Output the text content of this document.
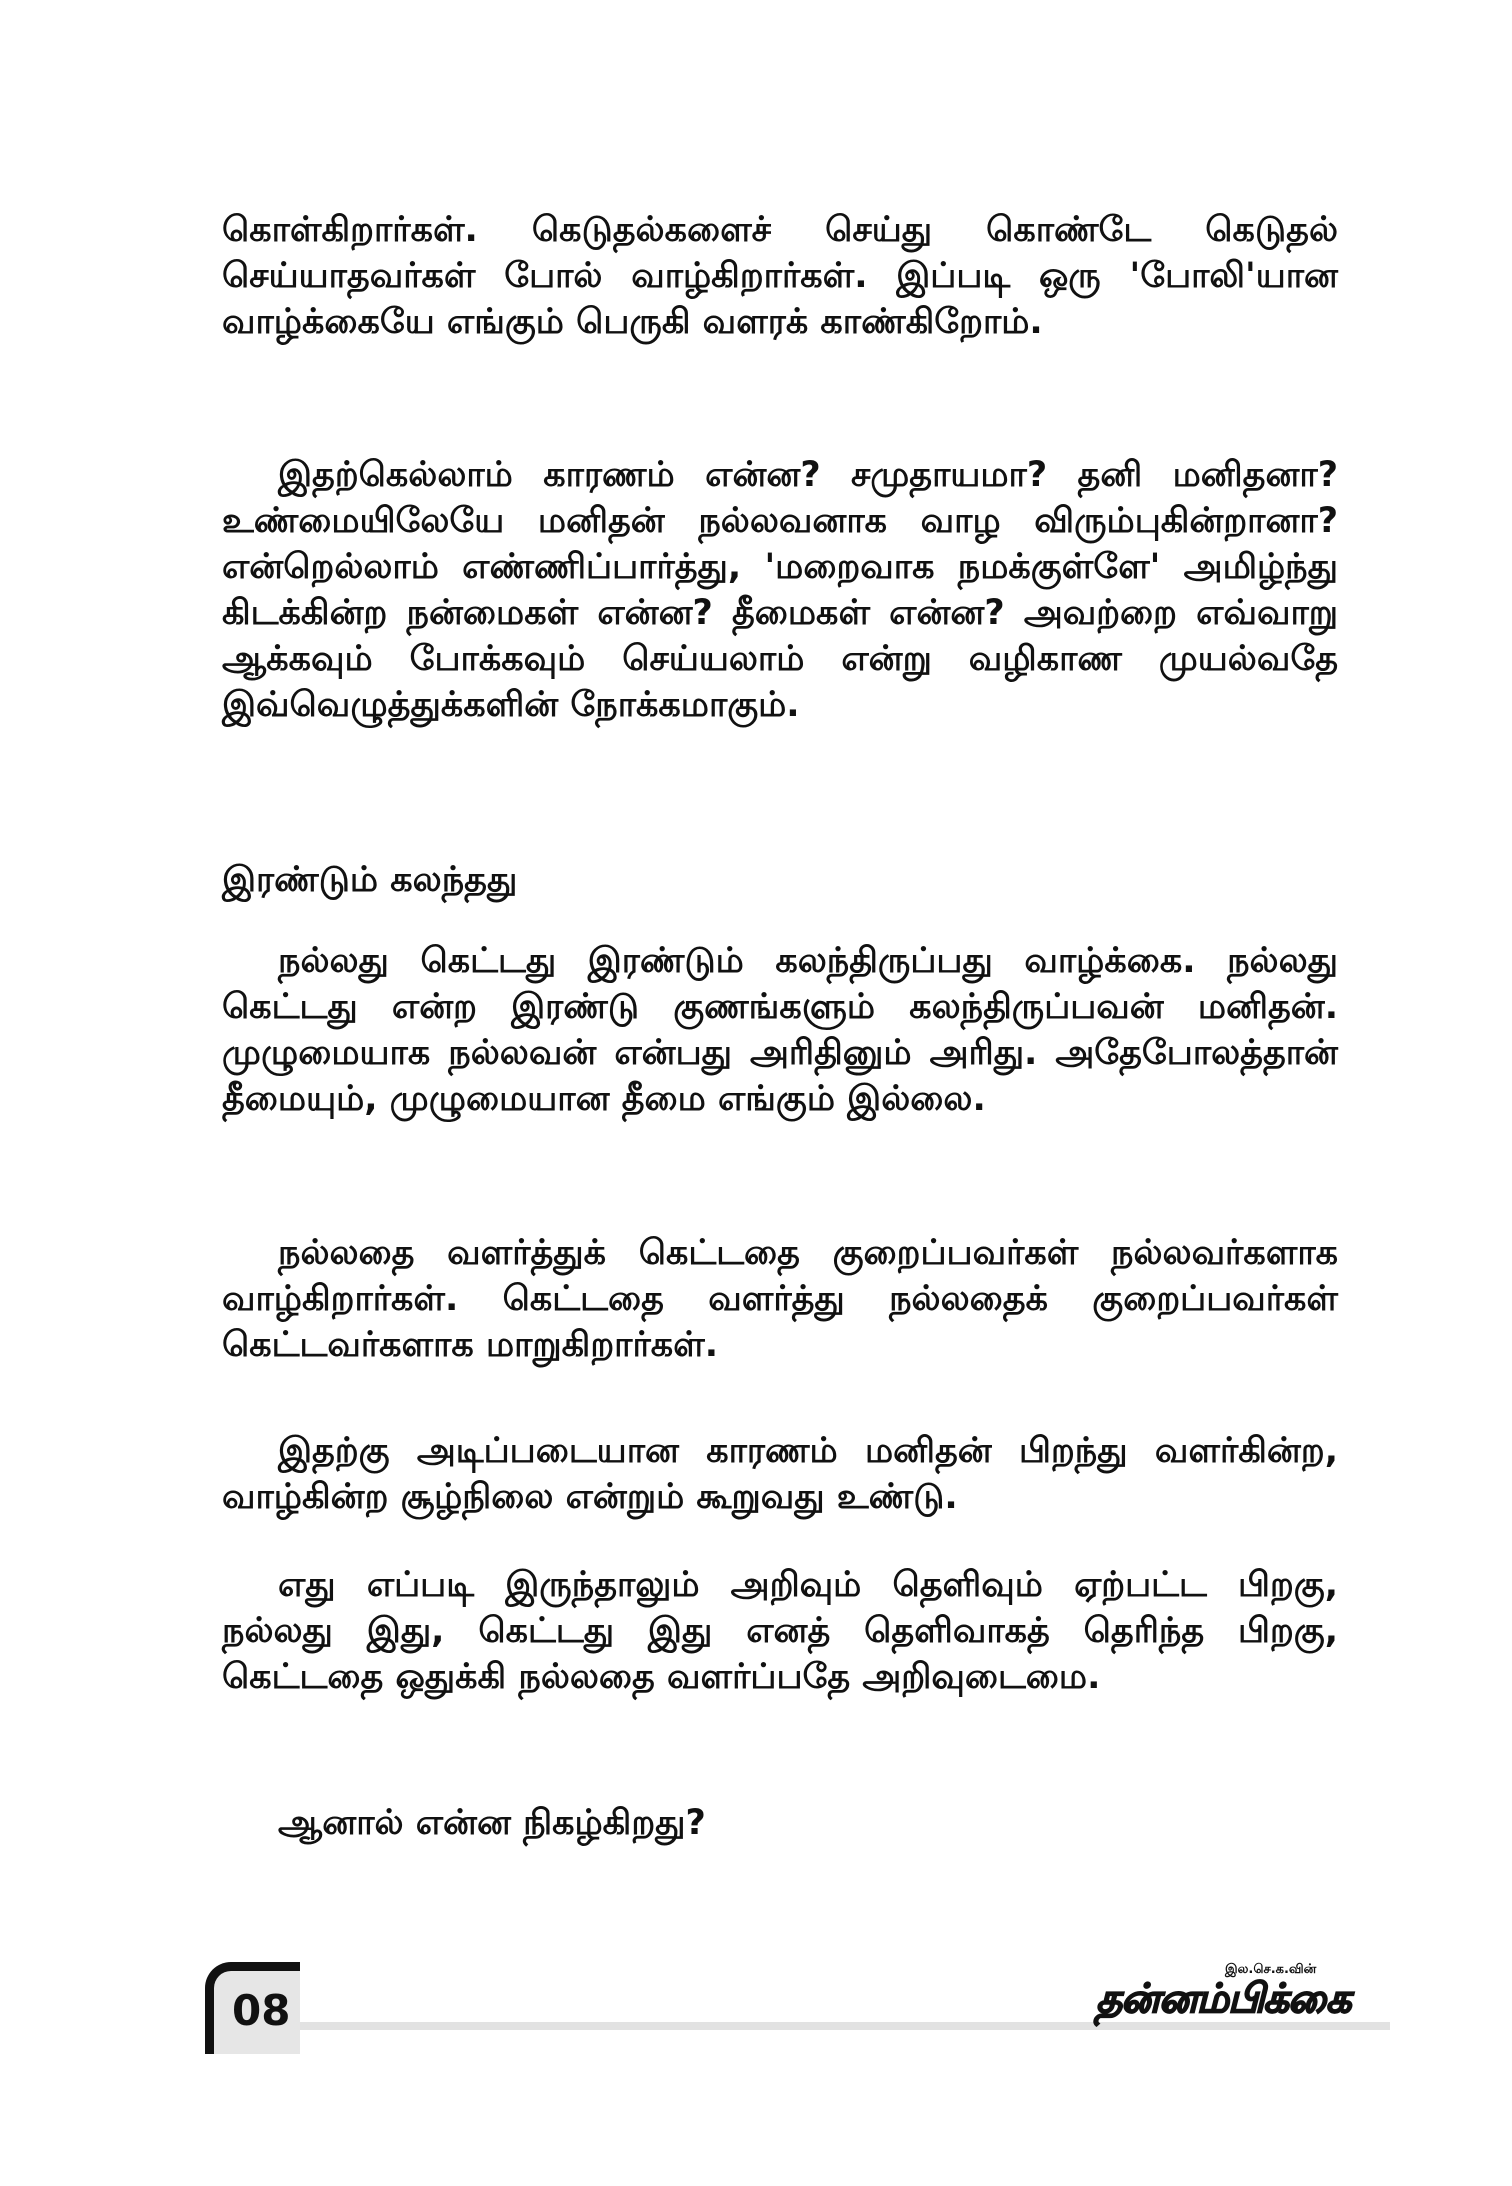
கொள்கிறார்கள். கெடுதல்களைச் செய்து கொண்டே கெடுதல் செய்யாதவர்கள் போல் வாழ்கிறார்கள். இப்படி ஒரு 'போலி'யான வாழ்க்கையே எங்கும் பெருகி வளரக் காண்கிறோம்.
இதற்கெல்லாம் காரணம் என்ன? சமுதாயமா? தனி மனிதனா? உண்மையிலேயே மனிதன் நல்லவனாக வாழ விரும்புகின்றானா? என்றெல்லாம் எண்ணிப்பார்த்து, 'மறைவாக நமக்குள்ளே' அமிழ்ந்து கிடக்கின்ற நன்மைகள் என்ன? தீமைகள் என்ன? அவற்றை எவ்வாறு ஆக்கவும் போக்கவும் செய்யலாம் என்று வழிகாண முயல்வதே இவ்வெழுத்துக்களின் நோக்கமாகும்.
இரண்டும் கலந்தது
நல்லது கெட்டது இரண்டும் கலந்திருப்பது வாழ்க்கை. நல்லது கெட்டது என்ற இரண்டு குணங்களும் கலந்திருப்பவன் மனிதன். முழுமையாக நல்லவன் என்பது அரிதினும் அரிது. அதேபோலத்தான் தீமையும், முழுமையான தீமை எங்கும் இல்லை.
நல்லதை வளர்த்துக் கெட்டதை குறைப்பவர்கள் நல்லவர்களாக வாழ்கிறார்கள். கெட்டதை வளர்த்து நல்லதைக் குறைப்பவர்கள் கெட்டவர்களாக மாறுகிறார்கள்.
இதற்கு அடிப்படையான காரணம் மனிதன் பிறந்து வளர்கின்ற, வாழ்கின்ற சூழ்நிலை என்றும் கூறுவது உண்டு.
எது எப்படி இருந்தாலும் அறிவும் தெளிவும் ஏற்பட்ட பிறகு, நல்லது இது, கெட்டது இது எனத் தெளிவாகத் தெரிந்த பிறகு, கெட்டதை ஒதுக்கி நல்லதை வளர்ப்பதே அறிவுடைமை.
ஆனால் என்ன நிகழ்கிறது?
08
இல.செ.க.வின்
தன்னம்பிக்கை
